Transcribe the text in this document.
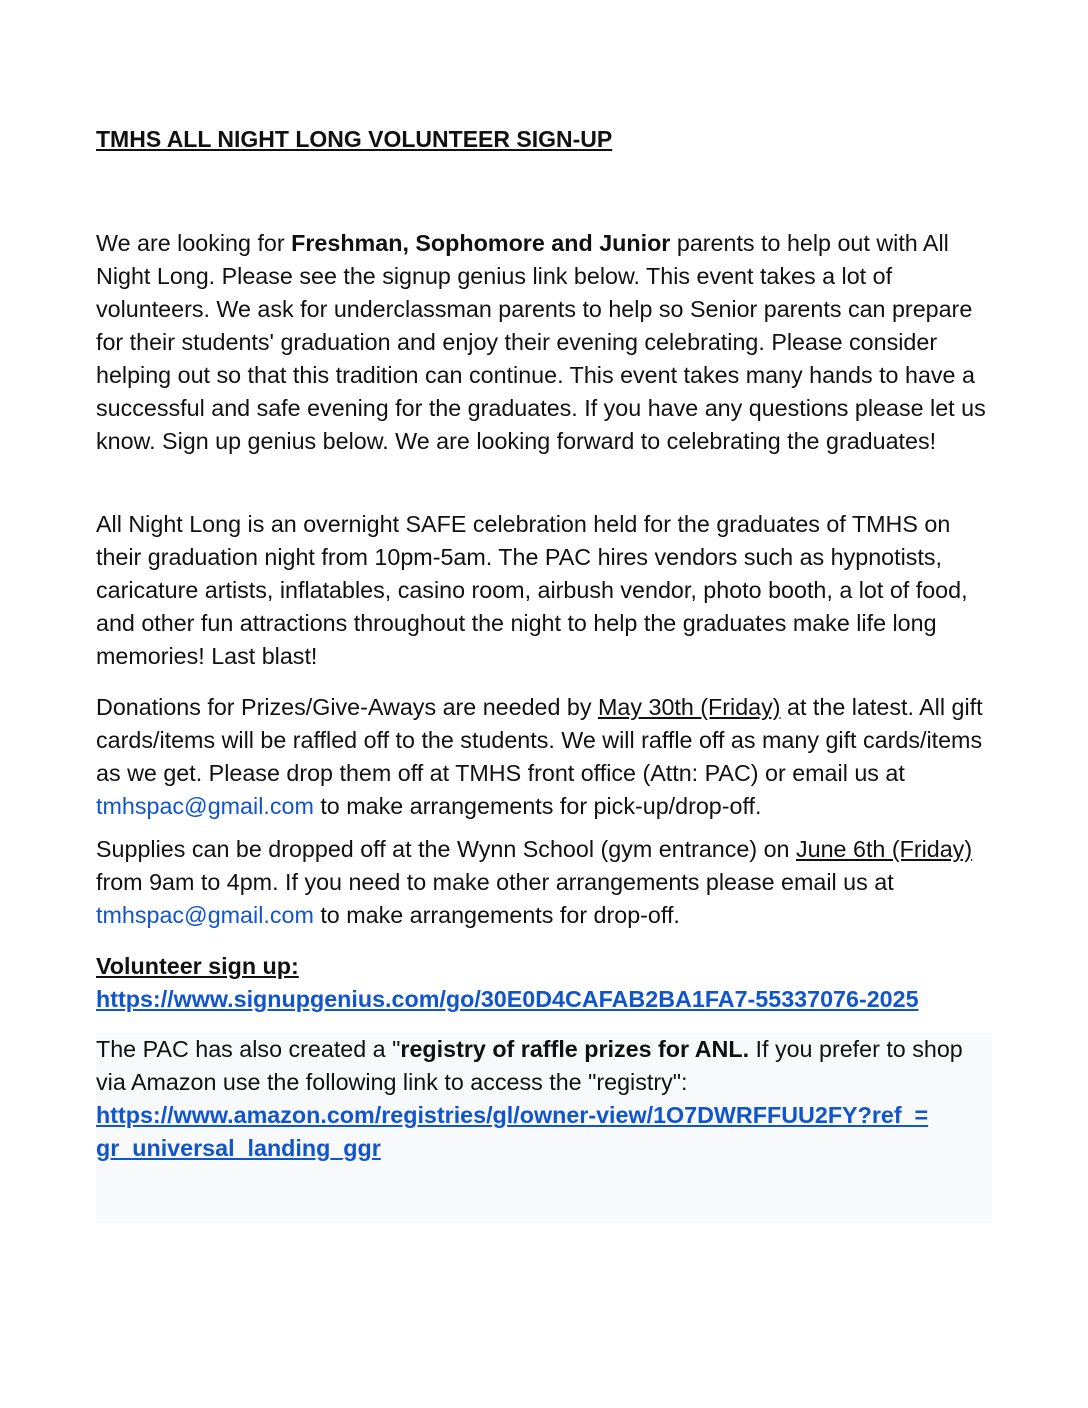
TMHS ALL NIGHT LONG VOLUNTEER SIGN-UP

We are looking for Freshman, Sophomore and Junior parents to help out with All Night Long. Please see the signup genius link below. This event takes a lot of volunteers. We ask for underclassman parents to help so Senior parents can prepare for their students' graduation and enjoy their evening celebrating. Please consider helping out so that this tradition can continue. This event takes many hands to have a successful and safe evening for the graduates. If you have any questions please let us know. Sign up genius below. We are looking forward to celebrating the graduates!

All Night Long is an overnight SAFE celebration held for the graduates of TMHS on their graduation night from 10pm-5am. The PAC hires vendors such as hypnotists, caricature artists, inflatables, casino room, airbush vendor, photo booth, a lot of food, and other fun attractions throughout the night to help the graduates make life long memories! Last blast!

Donations for Prizes/Give-Aways are needed by May 30th (Friday) at the latest. All gift cards/items will be raffled off to the students. We will raffle off as many gift cards/items as we get. Please drop them off at TMHS front office (Attn: PAC) or email us at tmhspac@gmail.com to make arrangements for pick-up/drop-off.

Supplies can be dropped off at the Wynn School (gym entrance) on June 6th (Friday) from 9am to 4pm. If you need to make other arrangements please email us at tmhspac@gmail.com to make arrangements for drop-off.

Volunteer sign up:
https://www.signupgenius.com/go/30E0D4CAFAB2BA1FA7-55337076-2025

The PAC has also created a "registry of raffle prizes for ANL. If you prefer to shop via Amazon use the following link to access the "registry":
https://www.amazon.com/registries/gl/owner-view/1O7DWRFFUU2FY?ref_=
gr_universal_landing_ggr
